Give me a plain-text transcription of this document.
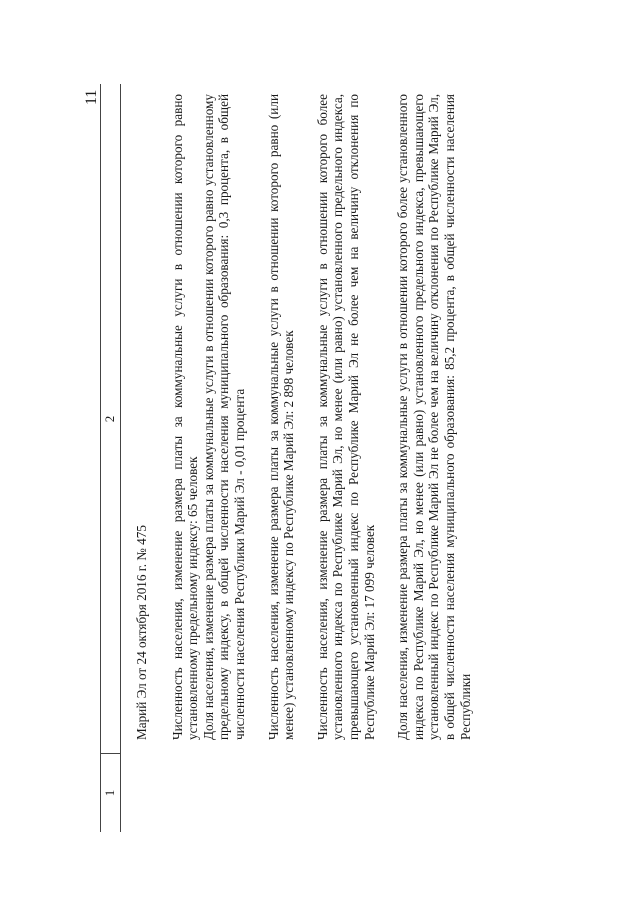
11
1
2

Марий Эл от 24 октября 2016 г. № 475 Численность населения, изменение размера платы за коммунальные услуги в отношении которого равно установленному предельному индексу: 65 человек Доля населения, изменение размера платы за коммунальные услуги в отношении которого равно установленному предельному индексу, в общей численности населения муниципального образования: 0,3 процента, в общей численности населения Республики Марий Эл - 0,01 процента Численность населения, изменение размера платы за коммунальные услуги в отношении которого равно (или менее) установленному индексу по Республике Марий Эл: 2 898 человек Численность населения, изменение размера платы за коммунальные услуги в отношении которого более установленного индекса по Республике Марий Эл, но менее (или равно) установленного предельного индекса, превышающего установленный индекс по Республике Марий Эл не более чем на величину отклонения по Республике Марий Эл: 17 099 человек Доля населения, изменение размера платы за коммунальные услуги в отношении которого более установленного индекса по Республике Марий Эл, но менее (или равно) установленного предельного индекса, превышающего установленный индекс по Республике Марий Эл не более чем на величину отклонения по Республике Марий Эл, в общей численности населения муниципального образования: 85,2 процента, в общей численности населения Республики
